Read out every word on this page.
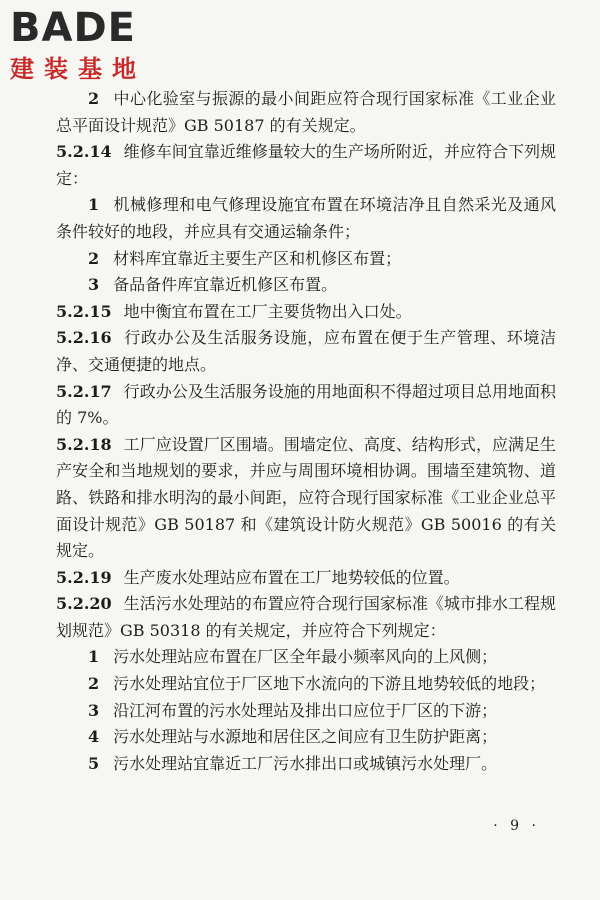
BADE
建装基地

2 中心化验室与振源的最小间距应符合现行国家标准《工业企业总平面设计规范》GB 50187 的有关规定。

5.2.14 维修车间宜靠近维修量较大的生产场所附近，并应符合下列规定：

1 机械修理和电气修理设施宜布置在环境洁净且自然采光及通风条件较好的地段，并应具有交通运输条件；

2 材料库宜靠近主要生产区和机修区布置；

3 备品备件库宜靠近机修区布置。

5.2.15 地中衡宜布置在工厂主要货物出入口处。

5.2.16 行政办公及生活服务设施，应布置在便于生产管理、环境洁净、交通便捷的地点。

5.2.17 行政办公及生活服务设施的用地面积不得超过项目总用地面积的 7%。

5.2.18 工厂应设置厂区围墙。围墙定位、高度、结构形式，应满足生产安全和当地规划的要求，并应与周围环境相协调。围墙至建筑物、道路、铁路和排水明沟的最小间距，应符合现行国家标准《工业企业总平面设计规范》GB 50187 和《建筑设计防火规范》GB 50016 的有关规定。

5.2.19 生产废水处理站应布置在工厂地势较低的位置。

5.2.20 生活污水处理站的布置应符合现行国家标准《城市排水工程规划规范》GB 50318 的有关规定，并应符合下列规定：

1 污水处理站应布置在厂区全年最小频率风向的上风侧；

2 污水处理站宜位于厂区地下水流向的下游且地势较低的地段；

3 沿江河布置的污水处理站及排出口应位于厂区的下游；

4 污水处理站与水源地和居住区之间应有卫生防护距离；

5 污水处理站宜靠近工厂污水排出口或城镇污水处理厂。

· 9 ·
